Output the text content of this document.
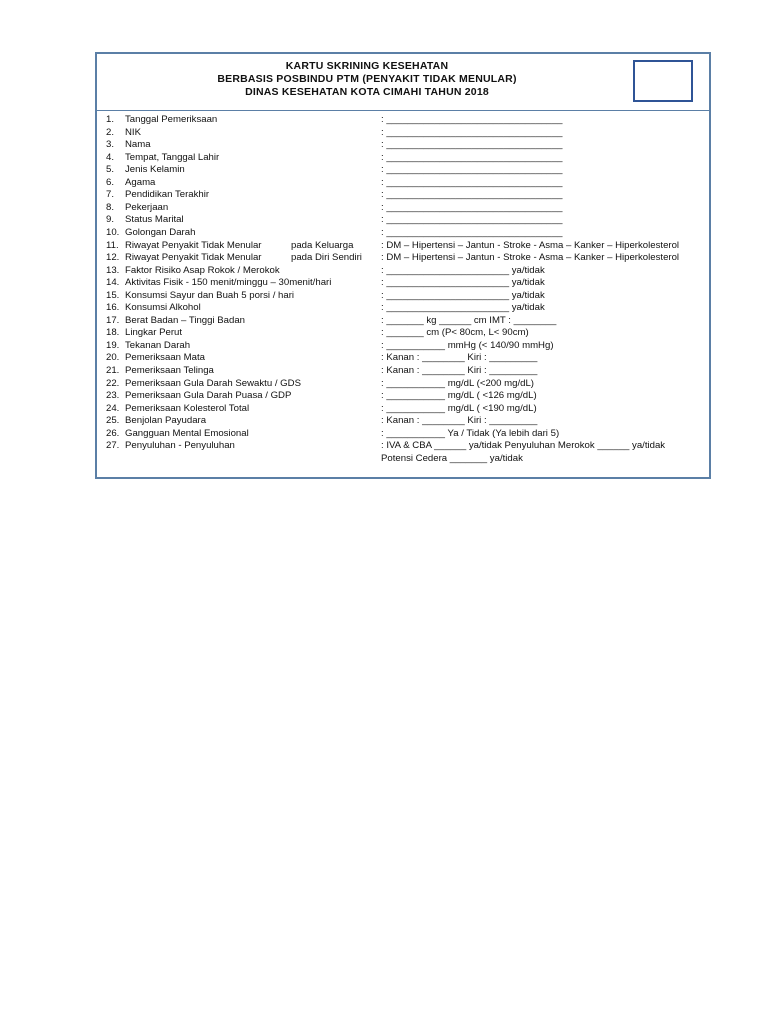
KARTU SKRINING KESEHATAN
BERBASIS POSBINDU PTM (PENYAKIT TIDAK MENULAR)
DINAS KESEHATAN KOTA CIMAHI TAHUN 2018
1. Tanggal Pemeriksaan	: _________________________________
2. NIK	: _________________________________
3. Nama	: _________________________________
4. Tempat, Tanggal Lahir	: _________________________________
5. Jenis Kelamin	: _________________________________
6. Agama	: _________________________________
7. Pendidikan Terakhir	: _________________________________
8. Pekerjaan	: _________________________________
9. Status Marital	: _________________________________
10. Golongan Darah	: _________________________________
11. Riwayat Penyakit Tidak Menular	pada Keluarga	: DM – Hipertensi – Jantun - Stroke - Asma – Kanker – Hiperkolesterol
12. Riwayat Penyakit Tidak Menular	pada Diri Sendiri : DM – Hipertensi – Jantun - Stroke - Asma – Kanker – Hiperkolesterol
13. Faktor Risiko Asap Rokok / Merokok	: _______________________ ya/tidak
14. Aktivitas Fisik - 150 menit/minggu – 30menit/hari	: _______________________ ya/tidak
15. Konsumsi Sayur dan Buah 5 porsi / hari	: _______________________ ya/tidak
16. Konsumsi Alkohol	: _______________________ ya/tidak
17. Berat Badan – Tinggi Badan	: _______ kg ______ cm IMT : ________
18. Lingkar Perut	: _______ cm (P< 80cm, L< 90cm)
19. Tekanan Darah	: ___________ mmHg (< 140/90 mmHg)
20. Pemeriksaan Mata	: Kanan : ________ Kiri : _________
21. Pemeriksaan Telinga	: Kanan : ________ Kiri : _________
22. Pemeriksaan Gula Darah Sewaktu / GDS	: ___________ mg/dL (<200 mg/dL)
23. Pemeriksaan Gula Darah Puasa / GDP	: ___________ mg/dL ( <126 mg/dL)
24. Pemeriksaan Kolesterol Total	: ___________ mg/dL ( <190 mg/dL)
25. Benjolan Payudara	: Kanan : ________ Kiri : _________
26. Gangguan Mental Emosional	: ___________ Ya / Tidak (Ya lebih dari 5)
27. Penyuluhan - Penyuluhan	: IVA & CBA ______ ya/tidak Penyuluhan Merokok ______ ya/tidak
Potensi Cedera _______ ya/tidak
